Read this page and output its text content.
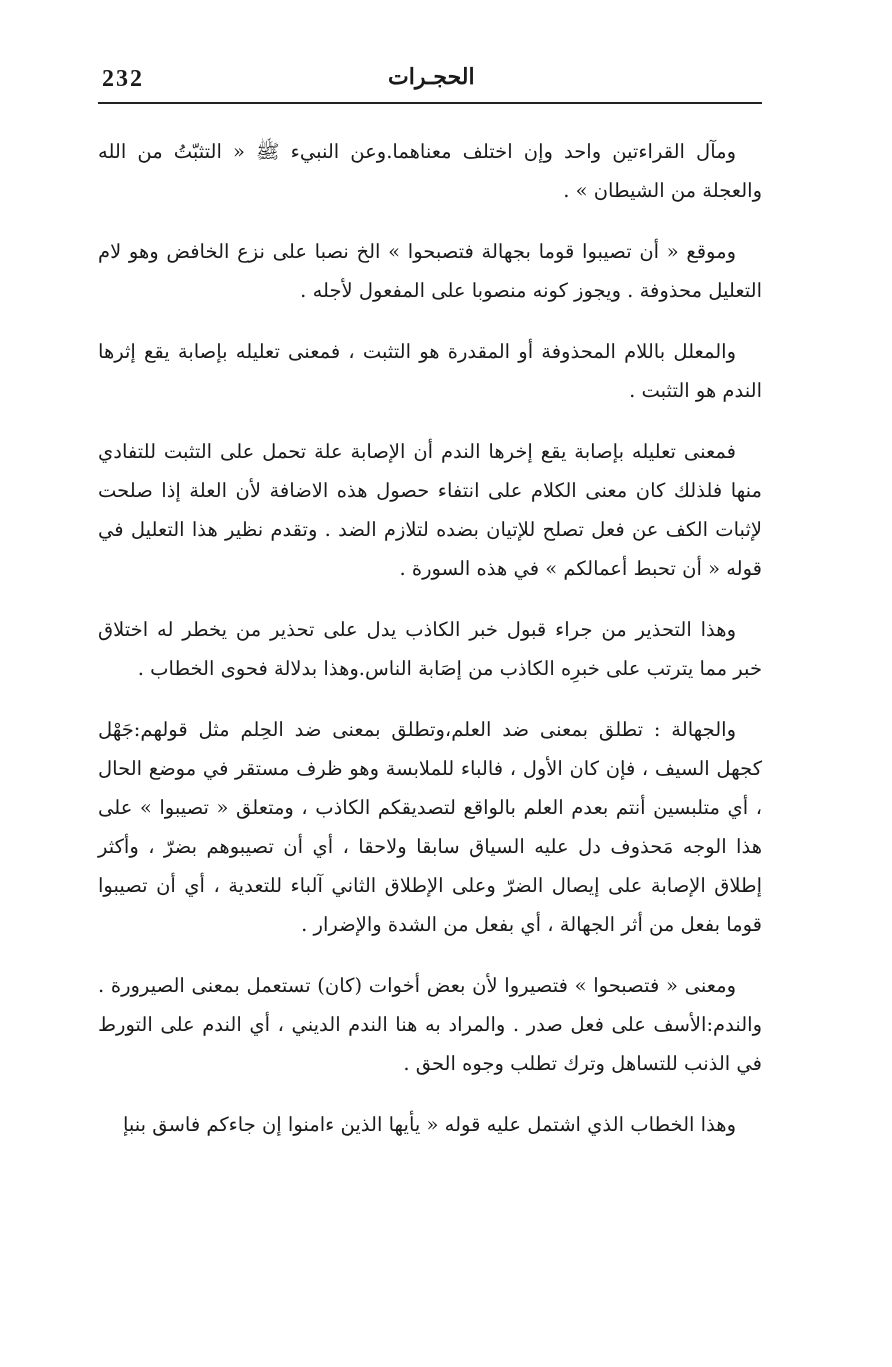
232	الحجـرات

ومآل القراءتين واحد وإن اختلف معناهما.وعن النبيء ﷺ « التثبّتُ من الله والعجلة من الشيطان » .

وموقع « أن تصيبوا قوما بجهالة فتصبحوا » الخ نصبا على نزع الخافض وهو لام التعليل محذوفة . ويجوز كونه منصوبا على المفعول لأجله .

والمعلل باللام المحذوفة أو المقدرة هو التثبت ، فمعنى تعليله بإصابة يقع إثرها الندم هو التثبت .

فمعنى تعليله بإصابة يقع إخرها الندم أن الإصابة علة تحمل على التثبت للتفادي منها فلذلك كان معنى الكلام على انتفاء حصول هذه الاضافة لأن العلة إذا صلحت لإثبات الكف عن فعل تصلح للإتيان بضده لتلازم الضد . وتقدم نظير هذا التعليل في قوله « أن تحبط أعمالكم » في هذه السورة .

وهذا التحذير من جراء قبول خبر الكاذب يدل على تحذير من يخطر له اختلاق خبر مما يترتب على خبرِه الكاذب من إصَابة الناس.وهذا بدلالة فحوى الخطاب .

والجهالة : تطلق بمعنى ضد العلم،وتطلق بمعنى ضد الحِلم مثل قولهم:جَهْل كجهل السيف ، فإن كان الأول ، فالباء للملابسة وهو ظرف مستقر في موضع الحال ، أي متلبسين أنتم بعدم العلم بالواقع لتصديقكم الكاذب ، ومتعلق « تصيبوا » على هذا الوجه مَحذوف دل عليه السياق سابقا ولاحقا ، أي أن تصيبوهم بضرّ ، وأكثر إطلاق الإصابة على إيصال الضرّ وعلى الإطلاق الثاني آلباء للتعدية ، أي أن تصيبوا قوما بفعل من أثر الجهالة ، أي بفعل من الشدة والإضرار .

ومعنى « فتصبحوا » فتصيروا لأن بعض أخوات (كان) تستعمل بمعنى الصيرورة . والندم:الأسف على فعل صدر . والمراد به هنا الندم الديني ، أي الندم على التورط في الذنب للتساهل وترك تطلب وجوه الحق .

وهذا الخطاب الذي اشتمل عليه قوله « يأيها الذين ءامنوا إن جاءكم فاسق بنبإ
